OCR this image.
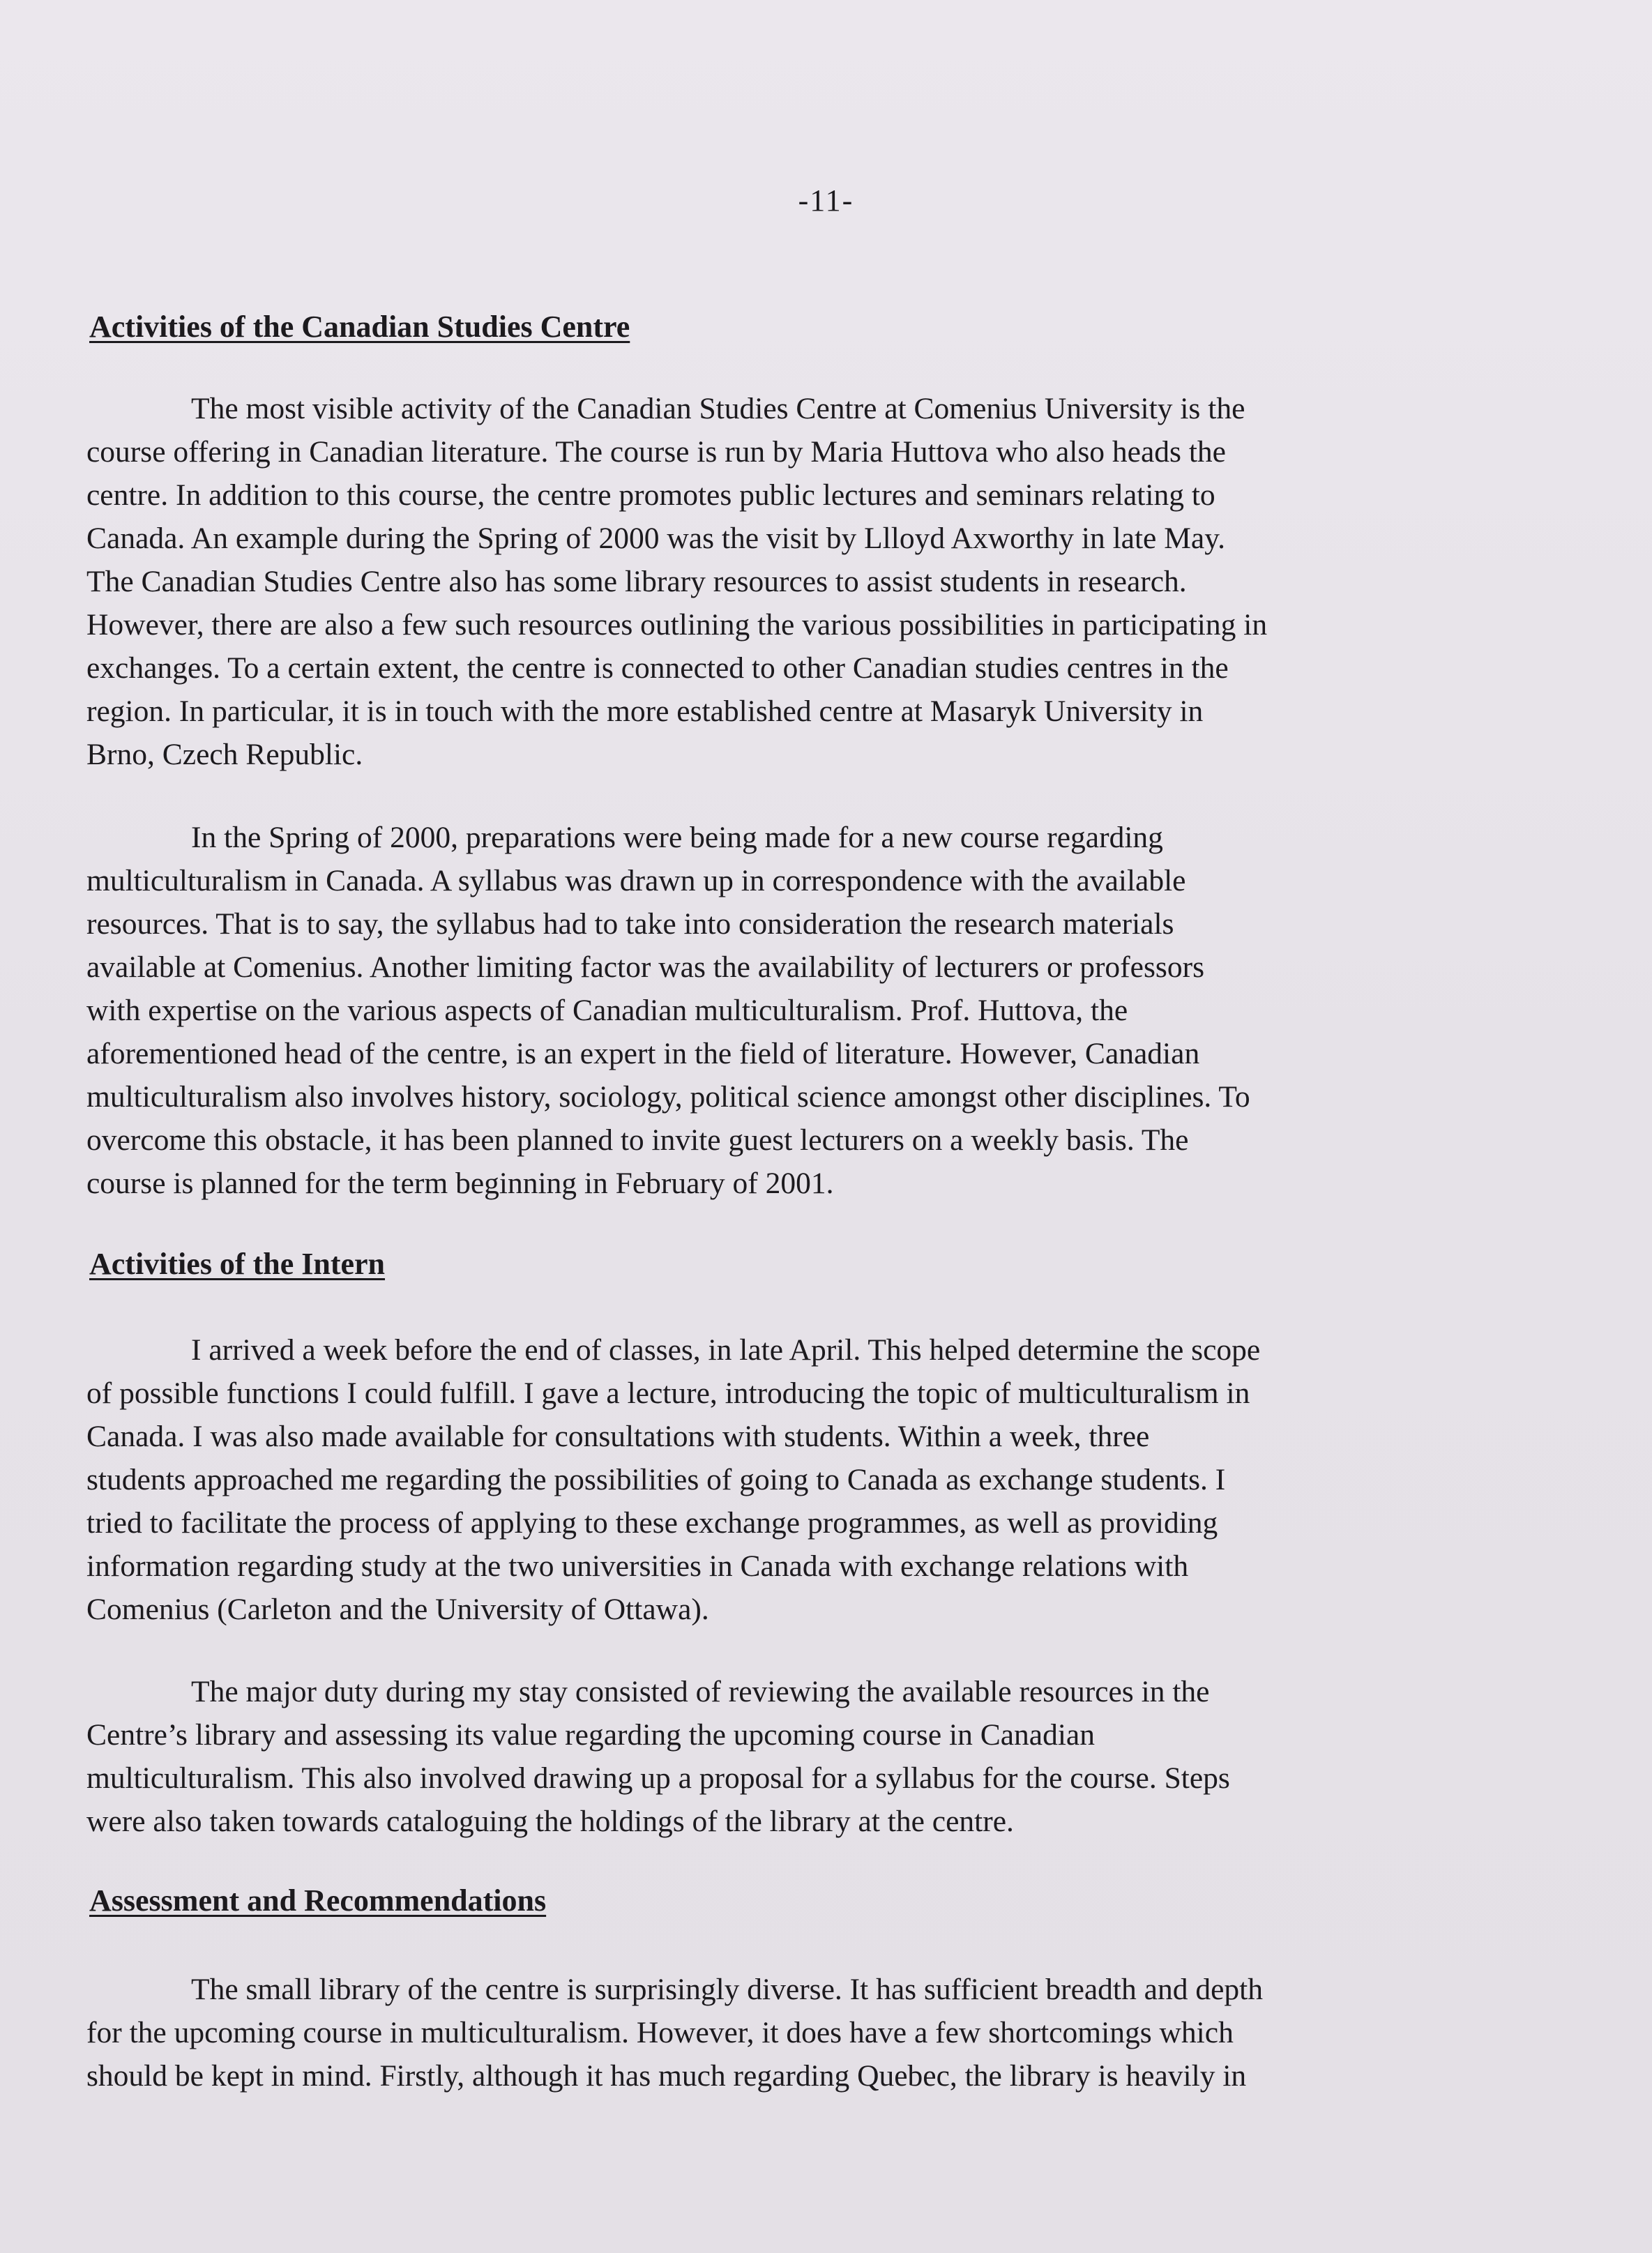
-11-
Activities of the Canadian Studies Centre

The most visible activity of the Canadian Studies Centre at Comenius University is the
course offering in Canadian literature. The course is run by Maria Huttova who also heads the
centre. In addition to this course, the centre promotes public lectures and seminars relating to
Canada. An example during the Spring of 2000 was the visit by Llloyd Axworthy in late May.
The Canadian Studies Centre also has some library resources to assist students in research.
However, there are also a few such resources outlining the various possibilities in participating in
exchanges. To a certain extent, the centre is connected to other Canadian studies centres in the
region. In particular, it is in touch with the more established centre at Masaryk University in
Brno, Czech Republic.

In the Spring of 2000, preparations were being made for a new course regarding
multiculturalism in Canada. A syllabus was drawn up in correspondence with the available
resources. That is to say, the syllabus had to take into consideration the research materials
available at Comenius. Another limiting factor was the availability of lecturers or professors
with expertise on the various aspects of Canadian multiculturalism. Prof. Huttova, the
aforementioned head of the centre, is an expert in the field of literature. However, Canadian
multiculturalism also involves history, sociology, political science amongst other disciplines. To
overcome this obstacle, it has been planned to invite guest lecturers on a weekly basis. The
course is planned for the term beginning in February of 2001.

Activities of the Intern

I arrived a week before the end of classes, in late April. This helped determine the scope
of possible functions I could fulfill. I gave a lecture, introducing the topic of multiculturalism in
Canada. I was also made available for consultations with students. Within a week, three
students approached me regarding the possibilities of going to Canada as exchange students. I
tried to facilitate the process of applying to these exchange programmes, as well as providing
information regarding study at the two universities in Canada with exchange relations with
Comenius (Carleton and the University of Ottawa).

The major duty during my stay consisted of reviewing the available resources in the
Centre’s library and assessing its value regarding the upcoming course in Canadian
multiculturalism. This also involved drawing up a proposal for a syllabus for the course. Steps
were also taken towards cataloguing the holdings of the library at the centre.

Assessment and Recommendations

The small library of the centre is surprisingly diverse. It has sufficient breadth and depth
for the upcoming course in multiculturalism. However, it does have a few shortcomings which
should be kept in mind. Firstly, although it has much regarding Quebec, the library is heavily in
